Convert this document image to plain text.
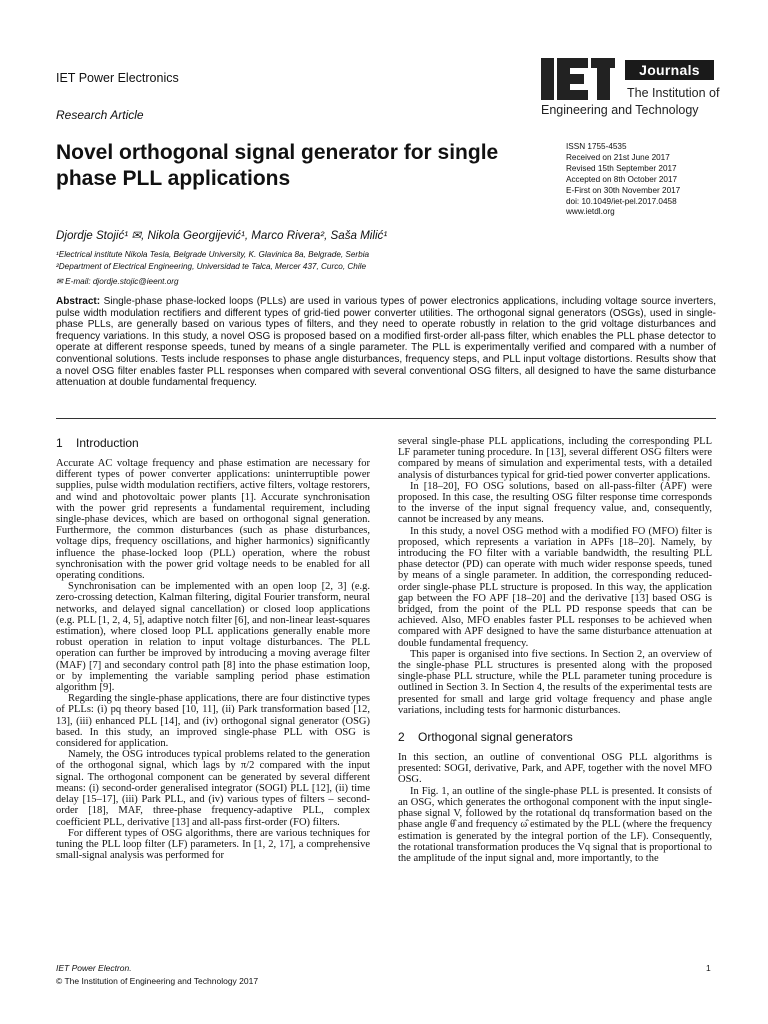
IET Power Electronics
Research Article
Journals
The Institution of
Engineering and Technology
Novel orthogonal signal generator for single phase PLL applications
ISSN 1755-4535
Received on 21st June 2017
Revised 15th September 2017
Accepted on 8th October 2017
E-First on 30th November 2017
doi: 10.1049/iet-pel.2017.0458
www.ietdl.org
Djordje Stojić¹ ✉, Nikola Georgijević¹, Marco Rivera², Saša Milić¹
¹Electrical institute Nikola Tesla, Belgrade University, K. Glavinica 8a, Belgrade, Serbia
²Department of Electrical Engineering, Universidad te Talca, Mercer 437, Curco, Chile
✉ E-mail: djordje.stojic@ieent.org
Abstract: Single-phase phase-locked loops (PLLs) are used in various types of power electronics applications, including voltage source inverters, pulse width modulation rectifiers and different types of grid-tied power converter utilities. The orthogonal signal generators (OSGs), used in single-phase PLLs, are generally based on various types of filters, and they need to operate robustly in relation to the grid voltage disturbances and frequency variations. In this study, a novel OSG is proposed based on a modified first-order all-pass filter, which enables the PLL phase detector to operate at different response speeds, tuned by means of a single parameter. The PLL is experimentally verified and compared with a number of conventional solutions. Tests include responses to phase angle disturbances, frequency steps, and PLL input voltage distortions. Results show that a novel OSG filter enables faster PLL responses when compared with several conventional OSG filters, all designed to have the same disturbance attenuation at double fundamental frequency.
1 Introduction

Accurate AC voltage frequency and phase estimation are necessary for different types of power converter applications: uninterruptible power supplies, pulse width modulation rectifiers, active filters, voltage restorers, and wind and photovoltaic power plants [1]. Accurate synchronisation with the power grid represents a fundamental requirement, including single-phase devices, which are based on orthogonal signal generation. Furthermore, the common disturbances (such as phase disturbances, voltage dips, frequency oscillations, and higher harmonics) significantly influence the phase-locked loop (PLL) operation, where the robust synchronisation with the power grid voltage needs to be enabled for all operating conditions.

Synchronisation can be implemented with an open loop [2, 3] (e.g. zero-crossing detection, Kalman filtering, digital Fourier transform, neural networks, and delayed signal cancellation) or closed loop applications (e.g. PLL [1, 2, 4, 5], adaptive notch filter [6], and non-linear least-squares estimation), where closed loop PLL applications generally enable more robust operation in relation to input voltage disturbances. The PLL operation can further be improved by introducing a moving average filter (MAF) [7] and secondary control path [8] into the phase estimation loop, or by implementing the variable sampling period phase estimation algorithm [9].

Regarding the single-phase applications, there are four distinctive types of PLLs: (i) pq theory based [10, 11], (ii) Park transformation based [12, 13], (iii) enhanced PLL [14], and (iv) orthogonal signal generator (OSG) based. In this study, an improved single-phase PLL with OSG is considered for application.

Namely, the OSG introduces typical problems related to the generation of the orthogonal signal, which lags by π/2 compared with the input signal. The orthogonal component can be generated by several different means: (i) second-order generalised integrator (SOGI) PLL [12], (ii) time delay [15–17], (iii) Park PLL, and (iv) various types of filters – second-order [18], MAF, three-phase frequency-adaptive PLL, complex coefficient PLL, derivative [13] and all-pass first-order (FO) filters.

For different types of OSG algorithms, there are various techniques for tuning the PLL loop filter (LF) parameters. In [1, 2, 17], a comprehensive small-signal analysis was performed for

several single-phase PLL applications, including the corresponding PLL LF parameter tuning procedure. In [13], several different OSG filters were compared by means of simulation and experimental tests, with a detailed analysis of disturbances typical for grid-tied power converter applications.

In [18–20], FO OSG solutions, based on all-pass-filter (APF) were proposed. In this case, the resulting OSG filter response time corresponds to the inverse of the input signal frequency value, and, consequently, cannot be increased by any means.

In this study, a novel OSG method with a modified FO (MFO) filter is proposed, which represents a variation in APFs [18–20]. Namely, by introducing the FO filter with a variable bandwidth, the resulting PLL phase detector (PD) can operate with much wider response speeds, tuned by means of a single parameter. In addition, the corresponding reduced-order single-phase PLL structure is proposed. In this way, the application gap between the FO APF [18–20] and the derivative [13] based OSG is bridged, from the point of the PLL PD response speeds that can be achieved. Also, MFO enables faster PLL responses to be achieved when compared with APF designed to have the same disturbance attenuation at double fundamental frequency.

This paper is organised into five sections. In Section 2, an overview of the single-phase PLL structures is presented along with the proposed single-phase PLL structure, while the PLL parameter tuning procedure is outlined in Section 3. In Section 4, the results of the experimental tests are presented for small and large grid voltage frequency and phase angle variations, including tests for harmonic disturbances.

2 Orthogonal signal generators

In this section, an outline of conventional OSG PLL algorithms is presented: SOGI, derivative, Park, and APF, together with the novel MFO OSG.

In Fig. 1, an outline of the single-phase PLL is presented. It consists of an OSG, which generates the orthogonal component with the input single-phase signal V, followed by the rotational dq transformation based on the phase angle θ̂ and frequency ω̂ estimated by the PLL (where the frequency estimation is generated by the integral portion of the LF). Consequently, the rotational transformation produces the Vq signal that is proportional to the amplitude of the input signal and, more importantly, to the

IET Power Electron.
© The Institution of Engineering and Technology 2017
1
